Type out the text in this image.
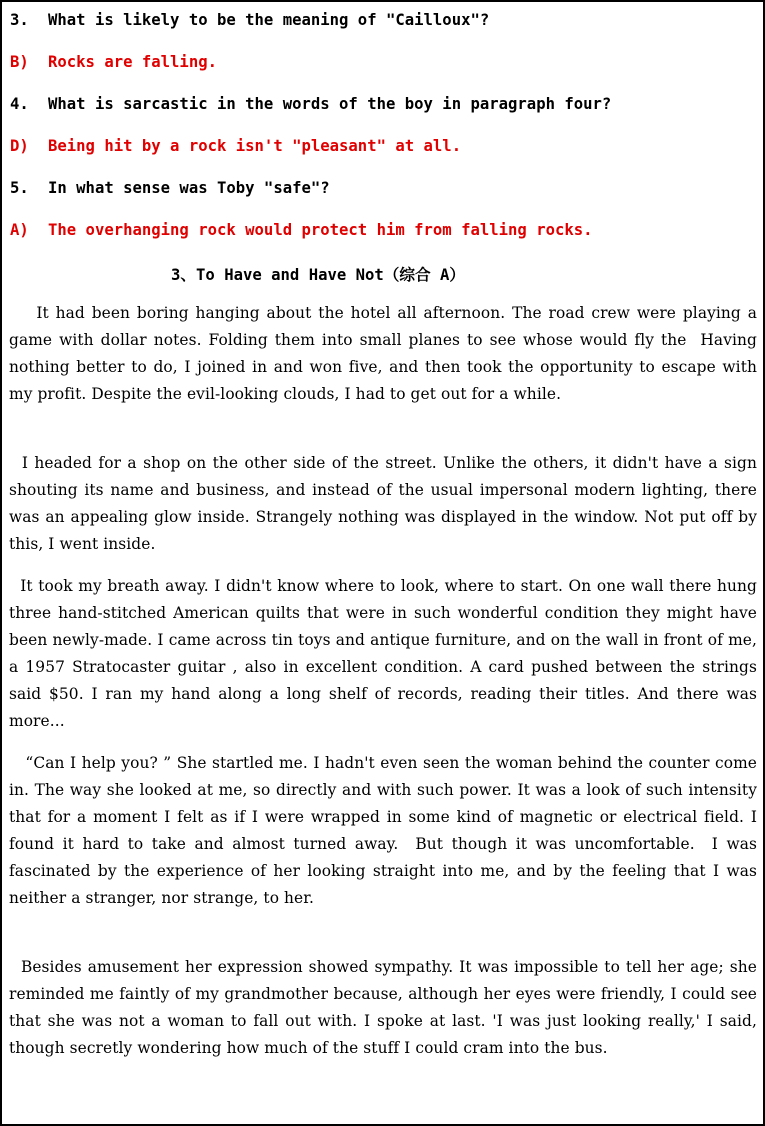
3. What is likely to be the meaning of "Cailloux"?
B) Rocks are falling.
4. What is sarcastic in the words of the boy in paragraph four?
D) Being hit by a rock isn't "pleasant" at all.
5. In what sense was Toby "safe"?
A) The overhanging rock would protect him from falling rocks.
3、To Have and Have Not（综合 A）

It had been boring hanging about the hotel all afternoon. The road crew were playing a game with dollar notes. Folding them into small planes to see whose would fly the  Having nothing better to do, I joined in and won five, and then took the opportunity to escape with my profit. Despite the evil-looking clouds, I had to get out for a while.

I headed for a shop on the other side of the street. Unlike the others, it didn't have a sign shouting its name and business, and instead of the usual impersonal modern lighting, there was an appealing glow inside. Strangely nothing was displayed in the window. Not put off by this, I went inside.

It took my breath away. I didn't know where to look, where to start. On one wall there hung three hand-stitched American quilts that were in such wonderful condition they might have been newly-made. I came across tin toys and antique furniture, and on the wall in front of me, a 1957 Stratocaster guitar , also in excellent condition. A card pushed between the strings said $50. I ran my hand along a long shelf of records, reading their titles. And there was more...

“Can I help you? ” She startled me. I hadn't even seen the woman behind the counter come in. The way she looked at me, so directly and with such power. It was a look of such intensity that for a moment I felt as if I were wrapped in some kind of magnetic or electrical field. I found it hard to take and almost turned away.  But though it was uncomfortable.  I was fascinated by the experience of her looking straight into me, and by the feeling that I was neither a stranger, nor strange, to her.

Besides amusement her expression showed sympathy. It was impossible to tell her age; she reminded me faintly of my grandmother because, although her eyes were friendly, I could see that she was not a woman to fall out with. I spoke at last. 'I was just looking really,' I said, though secretly wondering how much of the stuff I could cram into the bus.
